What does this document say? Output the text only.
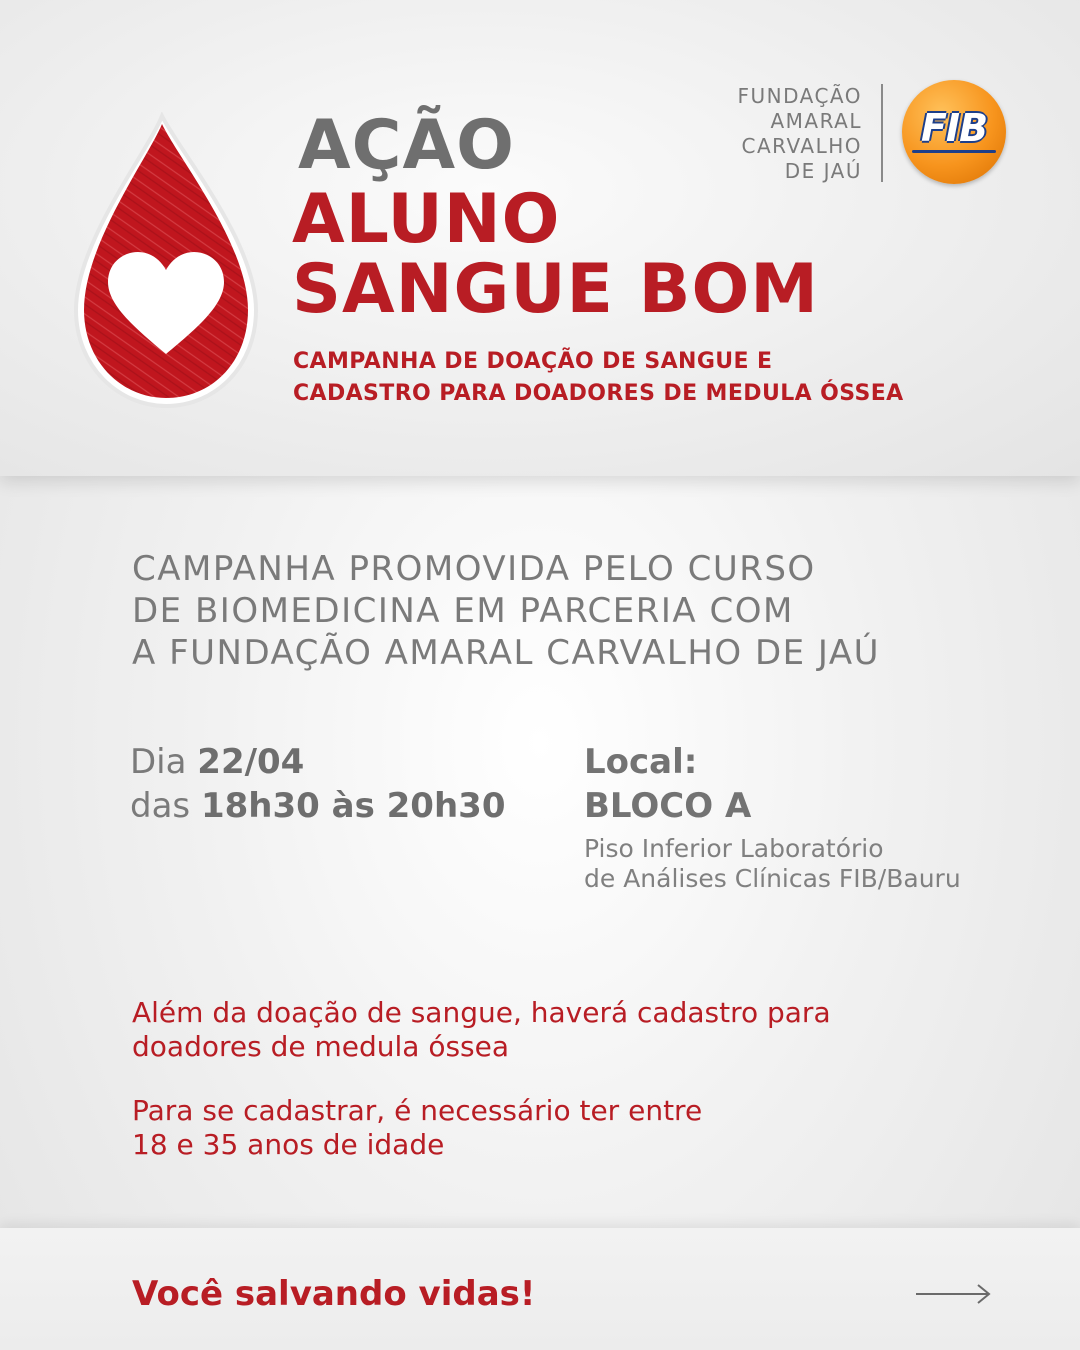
AÇÃO
ALUNO
SANGUE BOM
CAMPANHA DE DOAÇÃO DE SANGUE E
CADASTRO PARA DOADORES DE MEDULA ÓSSEA
FUNDAÇÃO
AMARAL
CARVALHO
DE JAÚ
FIB
CAMPANHA PROMOVIDA PELO CURSO
DE BIOMEDICINA EM PARCERIA COM
A FUNDAÇÃO AMARAL CARVALHO DE JAÚ
Dia 22/04
das 18h30 às 20h30
Local:
BLOCO A
Piso Inferior Laboratório
de Análises Clínicas FIB/Bauru

Além da doação de sangue, haverá cadastro para
doadores de medula óssea

Para se cadastrar, é necessário ter entre
18 e 35 anos de idade

Você salvando vidas!
